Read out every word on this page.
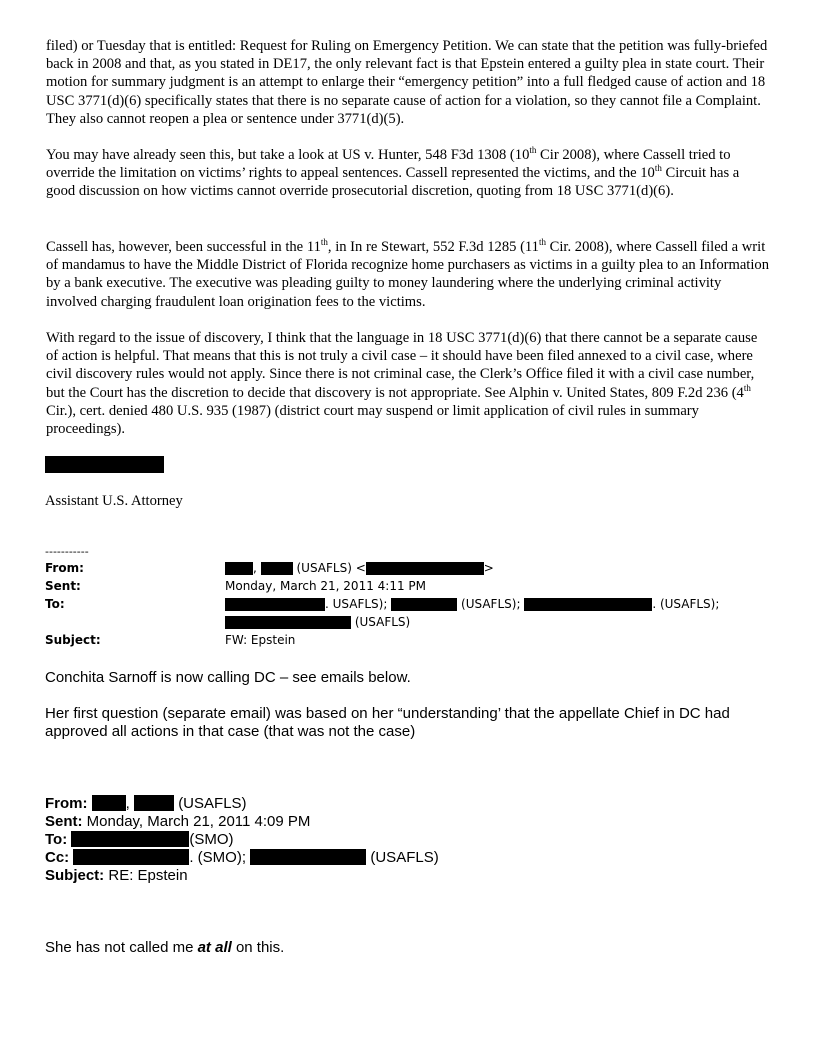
filed) or Tuesday that is entitled: Request for Ruling on Emergency Petition. We can state that the petition was fully-briefed back in 2008 and that, as you stated in DE17, the only relevant fact is that Epstein entered a guilty plea in state court. Their motion for summary judgment is an attempt to enlarge their “emergency petition” into a full fledged cause of action and 18 USC 3771(d)(6) specifically states that there is no separate cause of action for a violation, so they cannot file a Complaint. They also cannot reopen a plea or sentence under 3771(d)(5).

You may have already seen this, but take a look at US v. Hunter, 548 F3d 1308 (10th Cir 2008), where Cassell tried to override the limitation on victims’ rights to appeal sentences. Cassell represented the victims, and the 10th Circuit has a good discussion on how victims cannot override prosecutorial discretion, quoting from 18 USC 3771(d)(6).

Cassell has, however, been successful in the 11th, in In re Stewart, 552 F.3d 1285 (11th Cir. 2008), where Cassell filed a writ of mandamus to have the Middle District of Florida recognize home purchasers as victims in a guilty plea to an Information by a bank executive. The executive was pleading guilty to money laundering where the underlying criminal activity involved charging fraudulent loan origination fees to the victims.

With regard to the issue of discovery, I think that the language in 18 USC 3771(d)(6) that there cannot be a separate cause of action is helpful. That means that this is not truly a civil case – it should have been filed annexed to a civil case, where civil discovery rules would not apply. Since there is not criminal case, the Clerk’s Office filed it with a civil case number, but the Court has the discretion to decide that discovery is not appropriate. See Alphin v. United States, 809 F.2d 236 (4th Cir.), cert. denied 480 U.S. 935 (1987) (district court may suspend or limit application of civil rules in summary proceedings).

Assistant U.S. Attorney
-----------
From:	,	(USAFLS) <	>
Sent:	Monday, March 21, 2011 4:11 PM
To:	. USAFLS);	(USAFLS);	. (USAFLS);
(USAFLS)
Subject:	FW: Epstein

Conchita Sarnoff is now calling DC – see emails below.

Her first question (separate email) was based on her “understanding’ that the appellate Chief in DC had approved all actions in that case (that was not the case)

From:	,	(USAFLS)
Sent: Monday, March 21, 2011 4:09 PM
To:	(SMO)
Cc:	. (SMO);	(USAFLS)
Subject: RE: Epstein

She has not called me at all on this.
